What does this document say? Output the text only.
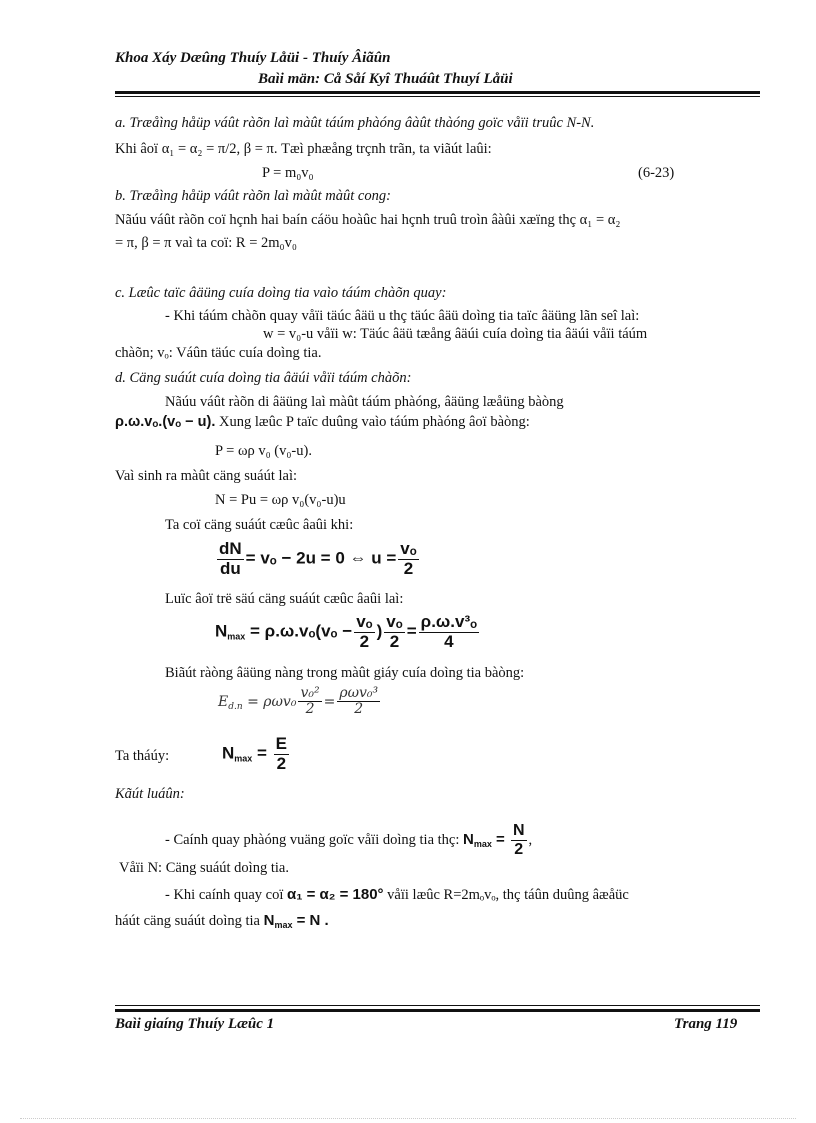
Khoa Xáy Dæûng Thuíy Låüi - Thuíy Âiãûn
Baìi män: Cå Såí Kyî Thuáût Thuyí Låüi
a. Træåìng håüp váût ràõn laì màût táúm phàóng âàût thàóng goïc våïi truûc N-N.
Khi âoï α₁ = α₂ = π/2, β = π. Tæì phæång trçnh trãn, ta viãút laûi:
P = m₀v₀	(6-23)
b. Træåìng håüp váût ràõn laì màût màût cong:
Nãúu váût ràõn coï hçnh hai baín cáöu hoàûc hai hçnh truû troìn âàûi xæïng thç α₁ = α₂
= π, β = π vaì ta coï: R = 2m₀v₀
c. Læûc taïc âäüng cuía doìng tia vaìo táúm chàõn quay:
- Khi táúm chàõn quay våïi täúc âäü u thç täúc âäü doìng tia taïc âäüng lãn seî laì:
w = v₀-u våïi w: Täúc âäü tæång âäúi cuía doìng tia âäúi våïi táúm
chàõn; vₒ: Váûn täúc cuía doìng tia.
d. Cäng suáút cuía doìng tia âäúi våïi táúm chàõn:
Nãúu váût ràõn di âäüng laì màût táúm phàóng, âäüng læåüng bàòng
ρ.ω.vₒ.(vₒ − u). Xung læûc P taïc duûng vaìo táúm phàóng âoï bàòng:
P = ωρ v₀ (v₀-u).
Vaì sinh ra màût cäng suáút laì:
N = Pu = ωρ v₀(v₀-u)u
Ta coï cäng suáút cæûc âaûi khi:
$\frac{dN}{du} = v_o - 2u = 0$ ⇔ $u = \frac{\text{vₒ}}{2}$
Luïc âoï trë säú cäng suáút cæûc âaûi laì:
$N_{max} = \rho.\omega.v_o(v_o - \frac{\text{vₒ}}{2}$ ) $\frac{\text{vₒ}}{2} = \frac{\text{ρ.ω.v³ₒ}}{4}$
Biãút ràòng âäüng nàng trong màût giáy cuía doìng tia bàòng:
$E_{d.n} = \rho\omega v_0 \frac{\text{v₀²}}{2} = \frac{\text{ρωv₀³}}{2}$
Ta tháúy:	$N_{max} = \frac{E}{2}$
Kãút luáûn:
- Caính quay phàóng vuäng goïc våïi doìng tia thç: $N_{max} = \frac{N}{2}$ ,
Våïi N: Cäng suáút doìng tia.
- Khi caính quay coï α₁ = α₂ = 180° våïi læûc R=2mₒvₒ, thç táûn duûng âæåüc
háút cäng suáút doìng tia $N_{max} = N$ .
Baìi giaíng Thuíy Læûc 1	Trang 119
